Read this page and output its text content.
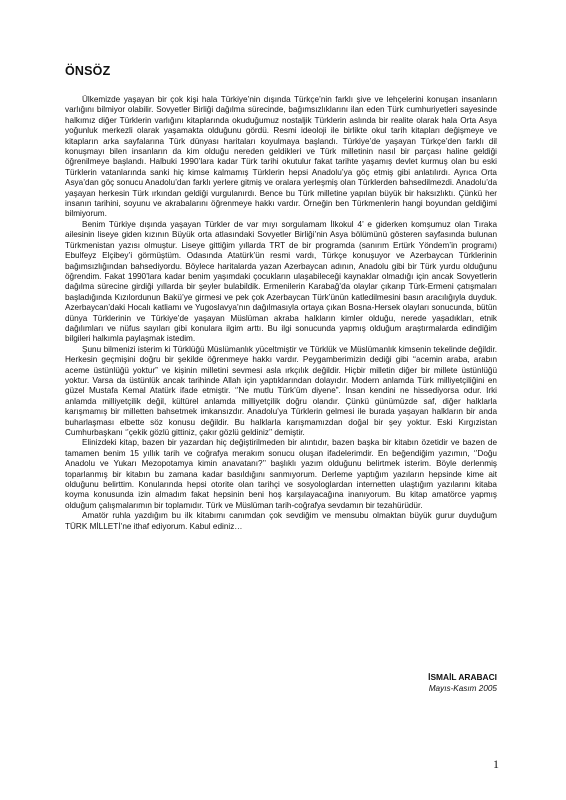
ÖNSÖZ

Ülkemizde yaşayan bir çok kişi hala Türkiye’nin dışında Türkçe’nin farklı şive ve lehçelerini konuşan insanların varlığını bilmiyor olabilir. Sovyetler Birliği dağılma sürecinde, bağımsızlıklarını ilan eden Türk cumhuriyetleri sayesinde halkımız diğer Türklerin varlığını kitaplarında okuduğumuz nostaljik Türklerin aslında bir realite olarak hala Orta Asya yoğunluk merkezli olarak yaşamakta olduğunu gördü. Resmi ideoloji ile birlikte okul tarih kitapları değişmeye ve kitapların arka sayfalarına Türk dünyası haritaları koyulmaya başlandı. Türkiye’de yaşayan Türkçe’den farklı dil konuşmayı bilen insanların da kim olduğu nereden geldikleri ve Türk milletinin nasıl bir parçası haline geldiği öğrenilmeye başlandı. Halbuki 1990’lara kadar Türk tarihi okutulur fakat tarihte yaşamış devlet kurmuş olan bu eski Türklerin vatanlarında sanki hiç kimse kalmamış Türklerin hepsi Anadolu’ya göç etmiş gibi anlatılırdı. Ayrıca Orta Asya’dan göç sonucu Anadolu’dan farklı yerlere gitmiş ve oralara yerleşmiş olan Türklerden bahsedilmezdi. Anadolu’da yaşayan herkesin Türk ırkından geldiği vurgulanırdı. Bence bu Türk milletine yapılan büyük bir haksızlıktı. Çünkü her insanın tarihini, soyunu ve akrabalarını öğrenmeye hakkı vardır. Örneğin ben Türkmenlerin hangi boyundan geldiğimi bilmiyorum.

Benim Türkiye dışında yaşayan Türkler de var mıyı sorgulamam İlkokul 4’ e giderken komşumuz olan Tıraka ailesinin liseye giden kızının Büyük orta atlasındaki Sovyetler Birliği’nin Asya bölümünü gösteren sayfasında bulunan Türkmenistan yazısı olmuştur. Liseye gittiğim yıllarda TRT de bir programda (sanırım Ertürk Yöndem’in programı) Ebulfeyz Elçibey’i görmüştüm. Odasında Atatürk’ün resmi vardı, Türkçe konuşuyor ve Azerbaycan Türklerinin bağımsızlığından bahsediyordu. Böylece haritalarda yazan Azerbaycan adının, Anadolu gibi bir Türk yurdu olduğunu öğrendim. Fakat 1990’lara kadar benim yaşımdaki çocukların ulaşabileceği kaynaklar olmadığı için ancak Sovyetlerin dağılma sürecine girdiği yıllarda bir şeyler bulabildik. Ermenilerin Karabağ’da olaylar çıkarıp Türk-Ermeni çatışmaları başladığında Kızılordunun Bakü’ye girmesi ve pek çok Azerbaycan Türk’ünün katledilmesini basın aracılığıyla duyduk. Azerbaycan’daki Hocalı katliamı ve Yugoslavya’nın dağılmasıyla ortaya çıkan Bosna-Hersek olayları sonucunda, bütün dünya Türklerinin ve Türkiye’de yaşayan Müslüman akraba halkların kimler olduğu, nerede yaşadıkları, etnik dağılımları ve nüfus sayıları gibi konulara ilgim arttı. Bu ilgi sonucunda yapmış olduğum araştırmalarda edindiğim bilgileri halkımla paylaşmak istedim.

Şunu bilmenizi isterim ki Türklüğü Müslümanlık yüceltmiştir ve Türklük ve Müslümanlık kimsenin tekelinde değildir. Herkesin geçmişini doğru bir şekilde öğrenmeye hakkı vardır. Peygamberimizin dediği gibi ‘‘acemin araba, arabın aceme üstünlüğü yoktur” ve kişinin milletini sevmesi asla ırkçılık değildir. Hiçbir milletin diğer bir millete üstünlüğü yoktur. Varsa da üstünlük ancak tarihinde Allah için yaptıklarından dolayıdır. Modern anlamda Türk milliyetçiliğini en güzel Mustafa Kemal Atatürk ifade etmiştir. ‘’Ne mutlu Türk’üm diyene”. İnsan kendini ne hissediyorsa odur. Irki anlamda milliyetçilik değil, kültürel anlamda milliyetçilik doğru olandır. Çünkü günümüzde saf, diğer halklarla karışmamış bir milletten bahsetmek imkansızdır. Anadolu’ya Türklerin gelmesi ile burada yaşayan halkların bir anda buharlaşması elbette söz konusu değildir. Bu halklarla karışmamızdan doğal bir şey yoktur. Eski Kırgızistan Cumhurbaşkanı ‘’çekik gözlü gittiniz, çakır gözlü geldiniz’’ demiştir.

Elinizdeki kitap, bazen bir yazardan hiç değiştirilmeden bir alıntıdır, bazen başka bir kitabın özetidir ve bazen de tamamen benim 15 yıllık tarih ve coğrafya merakım sonucu oluşan ifadelerimdir. En beğendiğim yazımın, ‘’Doğu Anadolu ve Yukarı Mezopotamya kimin anavatanı?’’ başlıklı yazım olduğunu belirtmek isterim. Böyle derlenmiş toparlanmış bir kitabın bu zamana kadar basıldığını sanmıyorum. Derleme yaptığım yazıların hepsinde kime ait olduğunu belirttim. Konularında hepsi otorite olan tarihçi ve sosyologlardan internetten ulaştığım yazılarını kitaba koyma konusunda izin almadım fakat hepsinin beni hoş karşılayacağına inanıyorum. Bu kitap amatörce yapmış olduğum çalışmalarımın bir toplamıdır. Türk ve Müslüman tarih-coğrafya sevdamın bir tezahürüdür.

Amatör ruhla yazdığım bu ilk kitabımı canımdan çok sevdiğim ve mensubu olmaktan büyük gurur duyduğum TÜRK MİLLETİ’ne ithaf ediyorum. Kabul ediniz…

İSMAİL ARABACI
Mayıs-Kasım 2005
1
